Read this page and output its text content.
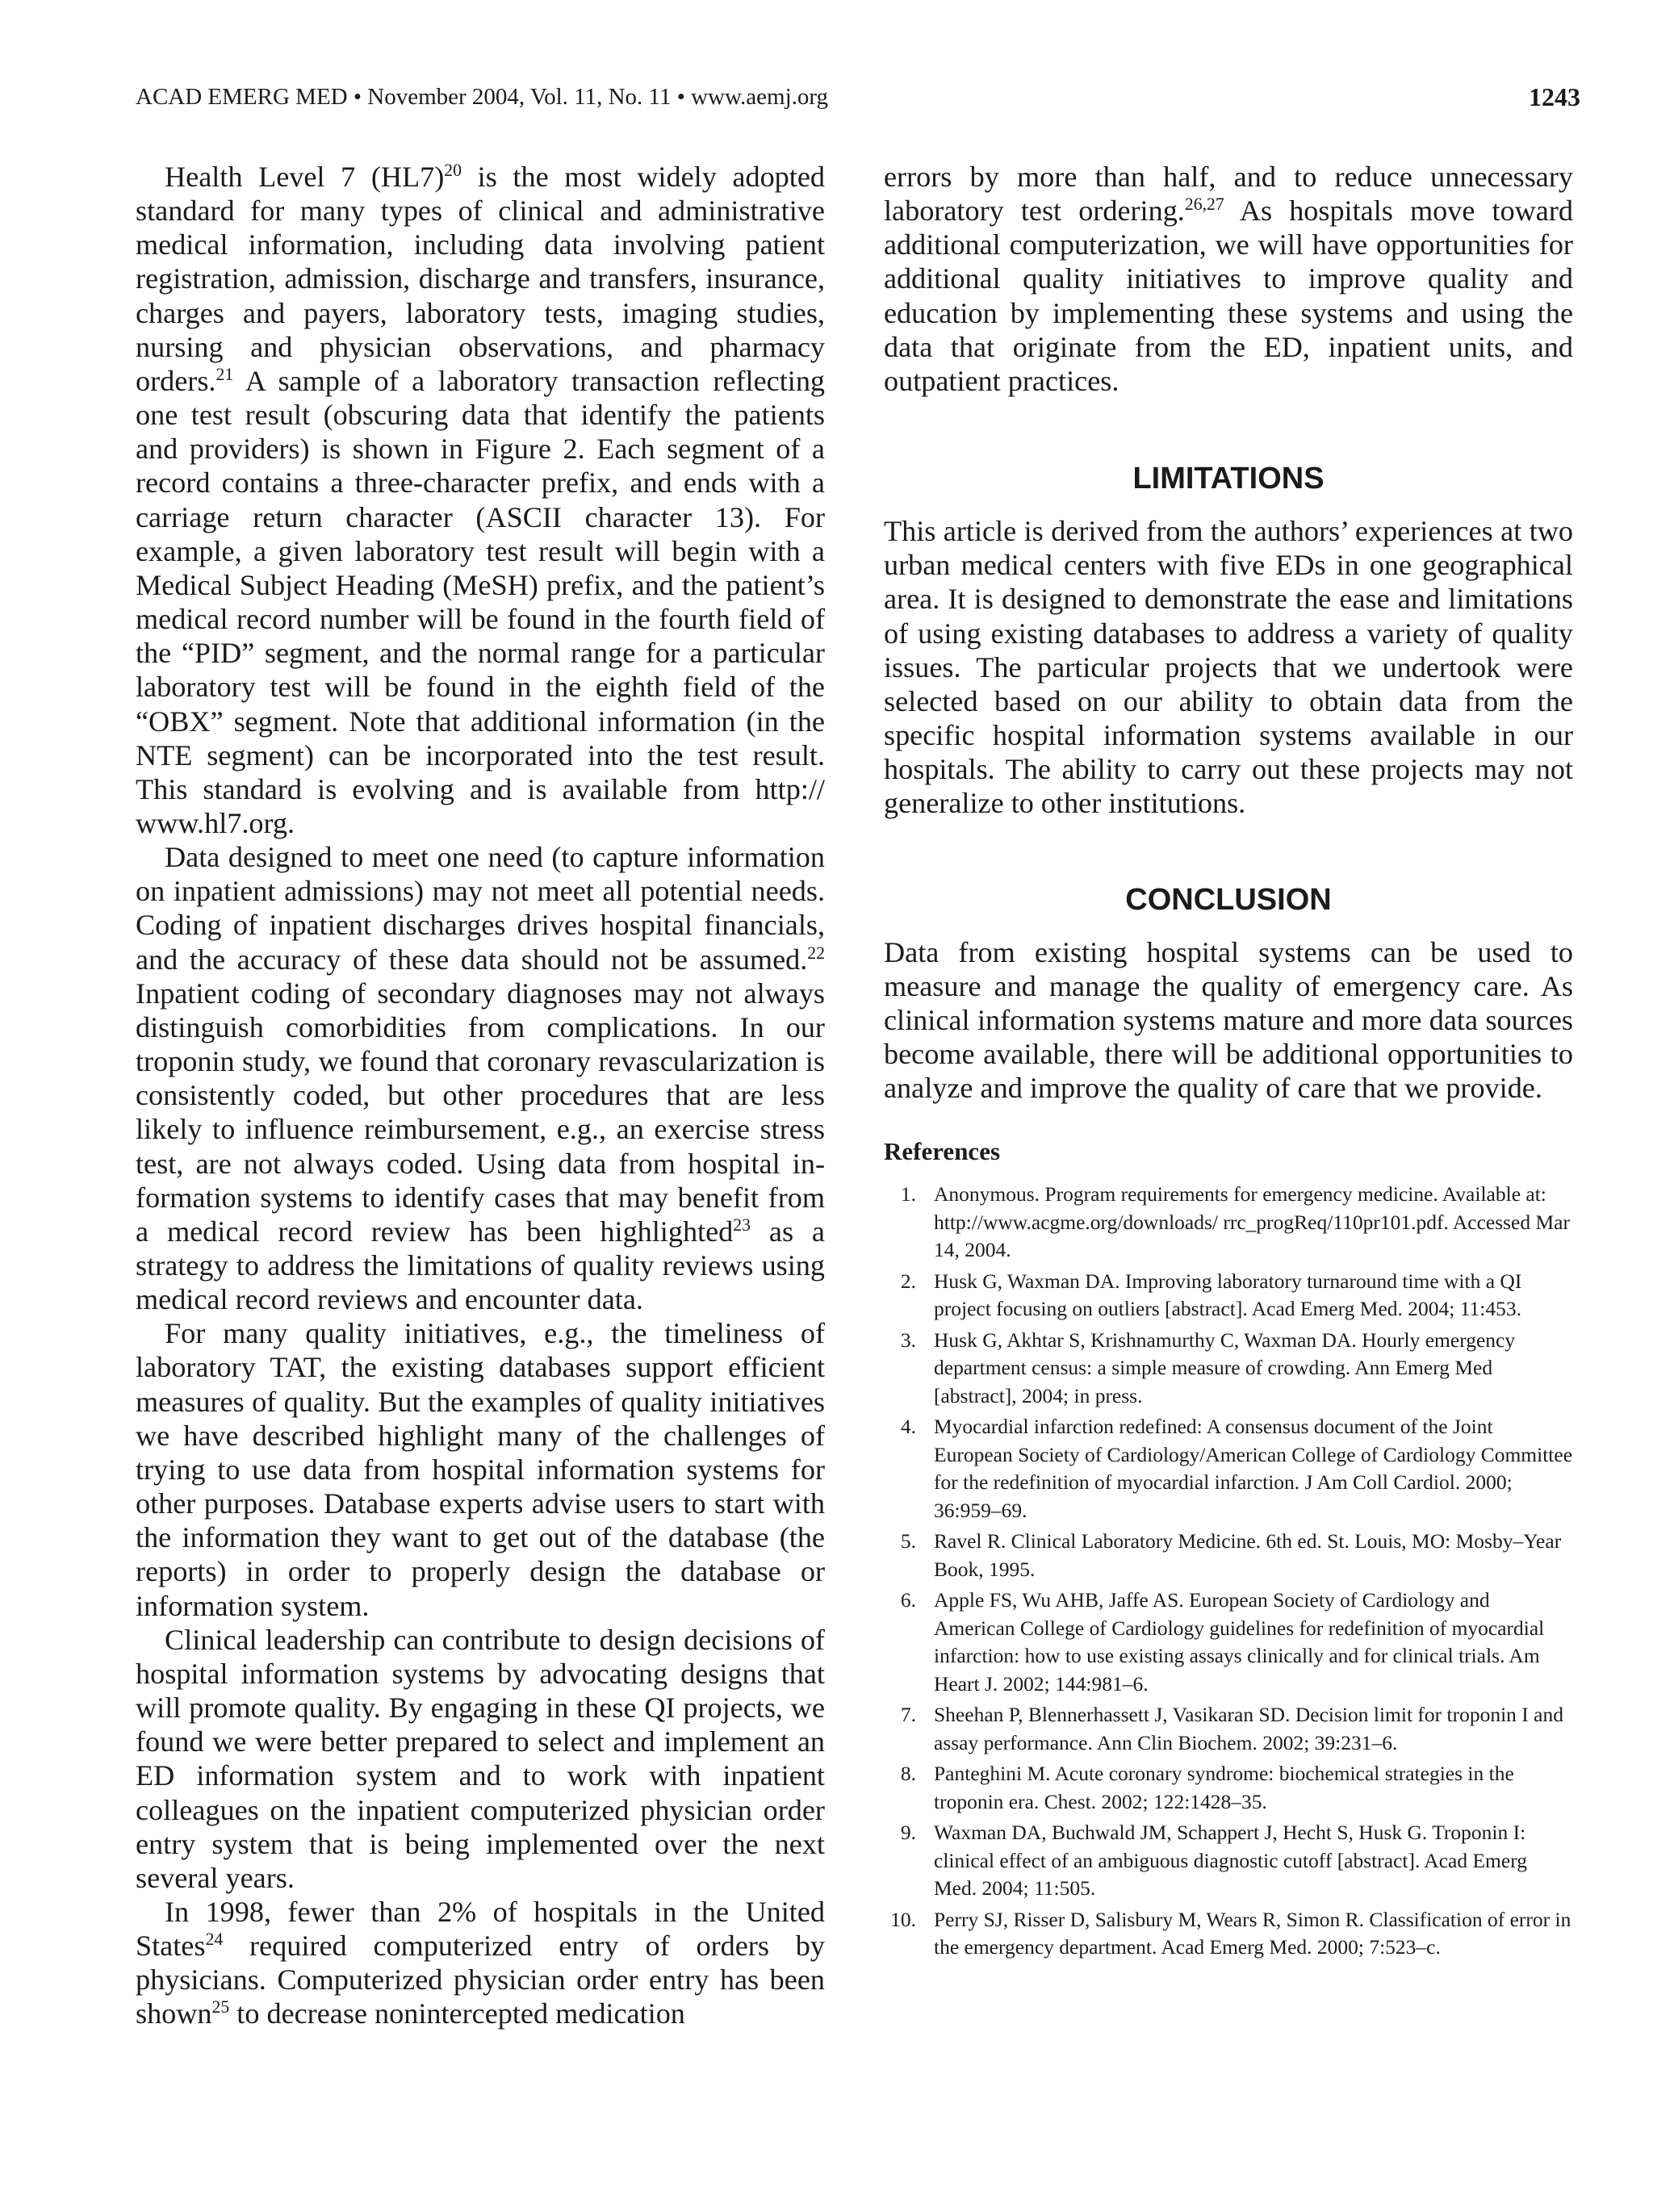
ACAD EMERG MED • November 2004, Vol. 11, No. 11 • www.aemj.org	1243

Health Level 7 $(HL7)^{20}$ is the most widely adopted standard for many types of clinical and administrative medical information, including data involving patient registration, admission, discharge and transfers, insurance, charges and payers, laboratory tests, imaging studies, nursing and physician observations, and pharmacy orders.$^{21}$ A sample of a laboratory transaction reflecting one test result (obscuring data that identify the patients and providers) is shown in Figure 2. Each segment of a record contains a three-character prefix, and ends with a carriage return character (ASCII character 13). For example, a given laboratory test result will begin with a Medical Subject Heading (MeSH) prefix, and the patient’s medical record number will be found in the fourth field of the “PID” segment, and the normal range for a particular laboratory test will be found in the eighth field of the “OBX” segment. Note that additional information (in the NTE segment) can be incorporated into the test result. This standard is evolving and is available from http:// www.hl7.org.

Data designed to meet one need (to capture information on inpatient admissions) may not meet all potential needs. Coding of inpatient discharges drives hospital financials, and the accuracy of these data should not be assumed.$^{22}$ Inpatient coding of secondary diagnoses may not always distinguish comorbidities from complications. In our troponin study, we found that coronary revascularization is consistently coded, but other procedures that are less likely to influence reimbursement, e.g., an exercise stress test, are not always coded. Using data from hospital information systems to identify cases that may benefit from a medical record review has been highlighted$^{23}$ as a strategy to address the limitations of quality reviews using medical record reviews and encounter data.

For many quality initiatives, e.g., the timeliness of laboratory TAT, the existing databases support efficient measures of quality. But the examples of quality initiatives we have described highlight many of the challenges of trying to use data from hospital information systems for other purposes. Database experts advise users to start with the information they want to get out of the database (the reports) in order to properly design the database or information system.

Clinical leadership can contribute to design decisions of hospital information systems by advocating designs that will promote quality. By engaging in these QI projects, we found we were better prepared to select and implement an ED information system and to work with inpatient colleagues on the inpatient computerized physician order entry system that is being implemented over the next several years.

In 1998, fewer than 2% of hospitals in the United States$^{24}$ required computerized entry of orders by physicians. Computerized physician order entry has been shown$^{25}$ to decrease nonintercepted medication

errors by more than half, and to reduce unnecessary laboratory test ordering.$^{26,27}$ As hospitals move toward additional computerization, we will have opportunities for additional quality initiatives to improve quality and education by implementing these systems and using the data that originate from the ED, inpatient units, and outpatient practices.

LIMITATIONS

This article is derived from the authors’ experiences at two urban medical centers with five EDs in one geographical area. It is designed to demonstrate the ease and limitations of using existing databases to address a variety of quality issues. The particular projects that we undertook were selected based on our ability to obtain data from the specific hospital information systems available in our hospitals. The ability to carry out these projects may not generalize to other institutions.

CONCLUSION

Data from existing hospital systems can be used to measure and manage the quality of emergency care. As clinical information systems mature and more data sources become available, there will be additional opportunities to analyze and improve the quality of care that we provide.

References
1. Anonymous. Program requirements for emergency medicine. Available at: http://www.acgme.org/downloads/ rrc_progReq/110pr101.pdf. Accessed Mar 14, 2004.
2. Husk G, Waxman DA. Improving laboratory turnaround time with a QI project focusing on outliers [abstract]. Acad Emerg Med. 2004; 11:453.
3. Husk G, Akhtar S, Krishnamurthy C, Waxman DA. Hourly emergency department census: a simple measure of crowding. Ann Emerg Med [abstract], 2004; in press.
4. Myocardial infarction redefined: A consensus document of the Joint European Society of Cardiology/American College of Cardiology Committee for the redefinition of myocardial infarction. J Am Coll Cardiol. 2000; 36:959–69.
5. Ravel R. Clinical Laboratory Medicine. 6th ed. St. Louis, MO: Mosby–Year Book, 1995.
6. Apple FS, Wu AHB, Jaffe AS. European Society of Cardiology and American College of Cardiology guidelines for redefinition of myocardial infarction: how to use existing assays clinically and for clinical trials. Am Heart J. 2002; 144:981–6.
7. Sheehan P, Blennerhassett J, Vasikaran SD. Decision limit for troponin I and assay performance. Ann Clin Biochem. 2002; 39:231–6.
8. Panteghini M. Acute coronary syndrome: biochemical strategies in the troponin era. Chest. 2002; 122:1428–35.
9. Waxman DA, Buchwald JM, Schappert J, Hecht S, Husk G. Troponin I: clinical effect of an ambiguous diagnostic cutoff [abstract]. Acad Emerg Med. 2004; 11:505.
10. Perry SJ, Risser D, Salisbury M, Wears R, Simon R. Classification of error in the emergency department. Acad Emerg Med. 2000; 7:523–c.
